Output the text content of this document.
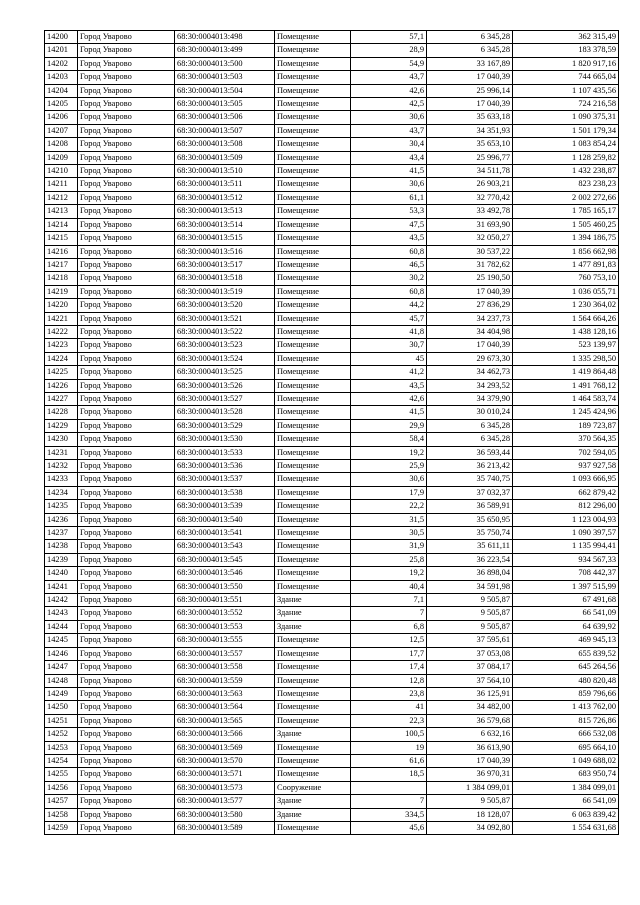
14200	Город Уварово	68:30:0004013:498	Помещение	57,1	6 345,28	362 315,49
14201	Город Уварово	68:30:0004013:499	Помещение	28,9	6 345,28	183 378,59
14202	Город Уварово	68:30:0004013:500	Помещение	54,9	33 167,89	1 820 917,16
14203	Город Уварово	68:30:0004013:503	Помещение	43,7	17 040,39	744 665,04
14204	Город Уварово	68:30:0004013:504	Помещение	42,6	25 996,14	1 107 435,56
14205	Город Уварово	68:30:0004013:505	Помещение	42,5	17 040,39	724 216,58
14206	Город Уварово	68:30:0004013:506	Помещение	30,6	35 633,18	1 090 375,31
14207	Город Уварово	68:30:0004013:507	Помещение	43,7	34 351,93	1 501 179,34
14208	Город Уварово	68:30:0004013:508	Помещение	30,4	35 653,10	1 083 854,24
14209	Город Уварово	68:30:0004013:509	Помещение	43,4	25 996,77	1 128 259,82
14210	Город Уварово	68:30:0004013:510	Помещение	41,5	34 511,78	1 432 238,87
14211	Город Уварово	68:30:0004013:511	Помещение	30,6	26 903,21	823 238,23
14212	Город Уварово	68:30:0004013:512	Помещение	61,1	32 770,42	2 002 272,66
14213	Город Уварово	68:30:0004013:513	Помещение	53,3	33 492,78	1 785 165,17
14214	Город Уварово	68:30:0004013:514	Помещение	47,5	31 693,90	1 505 460,25
14215	Город Уварово	68:30:0004013:515	Помещение	43,5	32 050,27	1 394 186,75
14216	Город Уварово	68:30:0004013:516	Помещение	60,8	30 537,22	1 856 662,98
14217	Город Уварово	68:30:0004013:517	Помещение	46,5	31 782,62	1 477 891,83
14218	Город Уварово	68:30:0004013:518	Помещение	30,2	25 190,50	760 753,10
14219	Город Уварово	68:30:0004013:519	Помещение	60,8	17 040,39	1 036 055,71
14220	Город Уварово	68:30:0004013:520	Помещение	44,2	27 836,29	1 230 364,02
14221	Город Уварово	68:30:0004013:521	Помещение	45,7	34 237,73	1 564 664,26
14222	Город Уварово	68:30:0004013:522	Помещение	41,8	34 404,98	1 438 128,16
14223	Город Уварово	68:30:0004013:523	Помещение	30,7	17 040,39	523 139,97
14224	Город Уварово	68:30:0004013:524	Помещение	45	29 673,30	1 335 298,50
14225	Город Уварово	68:30:0004013:525	Помещение	41,2	34 462,73	1 419 864,48
14226	Город Уварово	68:30:0004013:526	Помещение	43,5	34 293,52	1 491 768,12
14227	Город Уварово	68:30:0004013:527	Помещение	42,6	34 379,90	1 464 583,74
14228	Город Уварово	68:30:0004013:528	Помещение	41,5	30 010,24	1 245 424,96
14229	Город Уварово	68:30:0004013:529	Помещение	29,9	6 345,28	189 723,87
14230	Город Уварово	68:30:0004013:530	Помещение	58,4	6 345,28	370 564,35
14231	Город Уварово	68:30:0004013:533	Помещение	19,2	36 593,44	702 594,05
14232	Город Уварово	68:30:0004013:536	Помещение	25,9	36 213,42	937 927,58
14233	Город Уварово	68:30:0004013:537	Помещение	30,6	35 740,75	1 093 666,95
14234	Город Уварово	68:30:0004013:538	Помещение	17,9	37 032,37	662 879,42
14235	Город Уварово	68:30:0004013:539	Помещение	22,2	36 589,91	812 296,00
14236	Город Уварово	68:30:0004013:540	Помещение	31,5	35 650,95	1 123 004,93
14237	Город Уварово	68:30:0004013:541	Помещение	30,5	35 750,74	1 090 397,57
14238	Город Уварово	68:30:0004013:543	Помещение	31,9	35 611,11	1 135 994,41
14239	Город Уварово	68:30:0004013:545	Помещение	25,8	36 223,54	934 567,33
14240	Город Уварово	68:30:0004013:546	Помещение	19,2	36 898,04	708 442,37
14241	Город Уварово	68:30:0004013:550	Помещение	40,4	34 591,98	1 397 515,99
14242	Город Уварово	68:30:0004013:551	Здание	7,1	9 505,87	67 491,68
14243	Город Уварово	68:30:0004013:552	Здание	7	9 505,87	66 541,09
14244	Город Уварово	68:30:0004013:553	Здание	6,8	9 505,87	64 639,92
14245	Город Уварово	68:30:0004013:555	Помещение	12,5	37 595,61	469 945,13
14246	Город Уварово	68:30:0004013:557	Помещение	17,7	37 053,08	655 839,52
14247	Город Уварово	68:30:0004013:558	Помещение	17,4	37 084,17	645 264,56
14248	Город Уварово	68:30:0004013:559	Помещение	12,8	37 564,10	480 820,48
14249	Город Уварово	68:30:0004013:563	Помещение	23,8	36 125,91	859 796,66
14250	Город Уварово	68:30:0004013:564	Помещение	41	34 482,00	1 413 762,00
14251	Город Уварово	68:30:0004013:565	Помещение	22,3	36 579,68	815 726,86
14252	Город Уварово	68:30:0004013:566	Здание	100,5	6 632,16	666 532,08
14253	Город Уварово	68:30:0004013:569	Помещение	19	36 613,90	695 664,10
14254	Город Уварово	68:30:0004013:570	Помещение	61,6	17 040,39	1 049 688,02
14255	Город Уварово	68:30:0004013:571	Помещение	18,5	36 970,31	683 950,74
14256	Город Уварово	68:30:0004013:573	Сооружение		1 384 099,01	1 384 099,01
14257	Город Уварово	68:30:0004013:577	Здание	7	9 505,87	66 541,09
14258	Город Уварово	68:30:0004013:580	Здание	334,5	18 128,07	6 063 839,42
14259	Город Уварово	68:30:0004013:589	Помещение	45,6	34 092,80	1 554 631,68
